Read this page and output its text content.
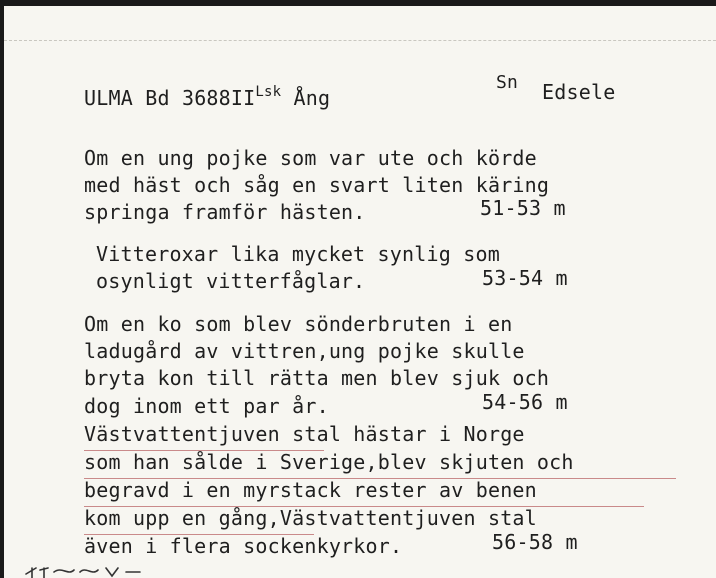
ULMA Bd $3688II^{Lsk}$ Ång
Sn Edsele
Om en ung pojke som var ute och körde
med häst och såg en svart liten käring
springa framför hästen.	51-53 m
Vitteroxar lika mycket synlig som
osynligt vitterfåglar.	53-54 m
Om en ko som blev sönderbruten i en
ladugård av vittren,ung pojke skulle
bryta kon till rätta men blev sjuk och
dog inom ett par år.	54-56 m
Västvattentjuven stal hästar i Norge
som han sålde i Sverige,blev skjuten och
begravd i en myrstack rester av benen
kom upp en gång,Västvattentjuven stal
även i flera sockenkyrkor.	56-58 m
